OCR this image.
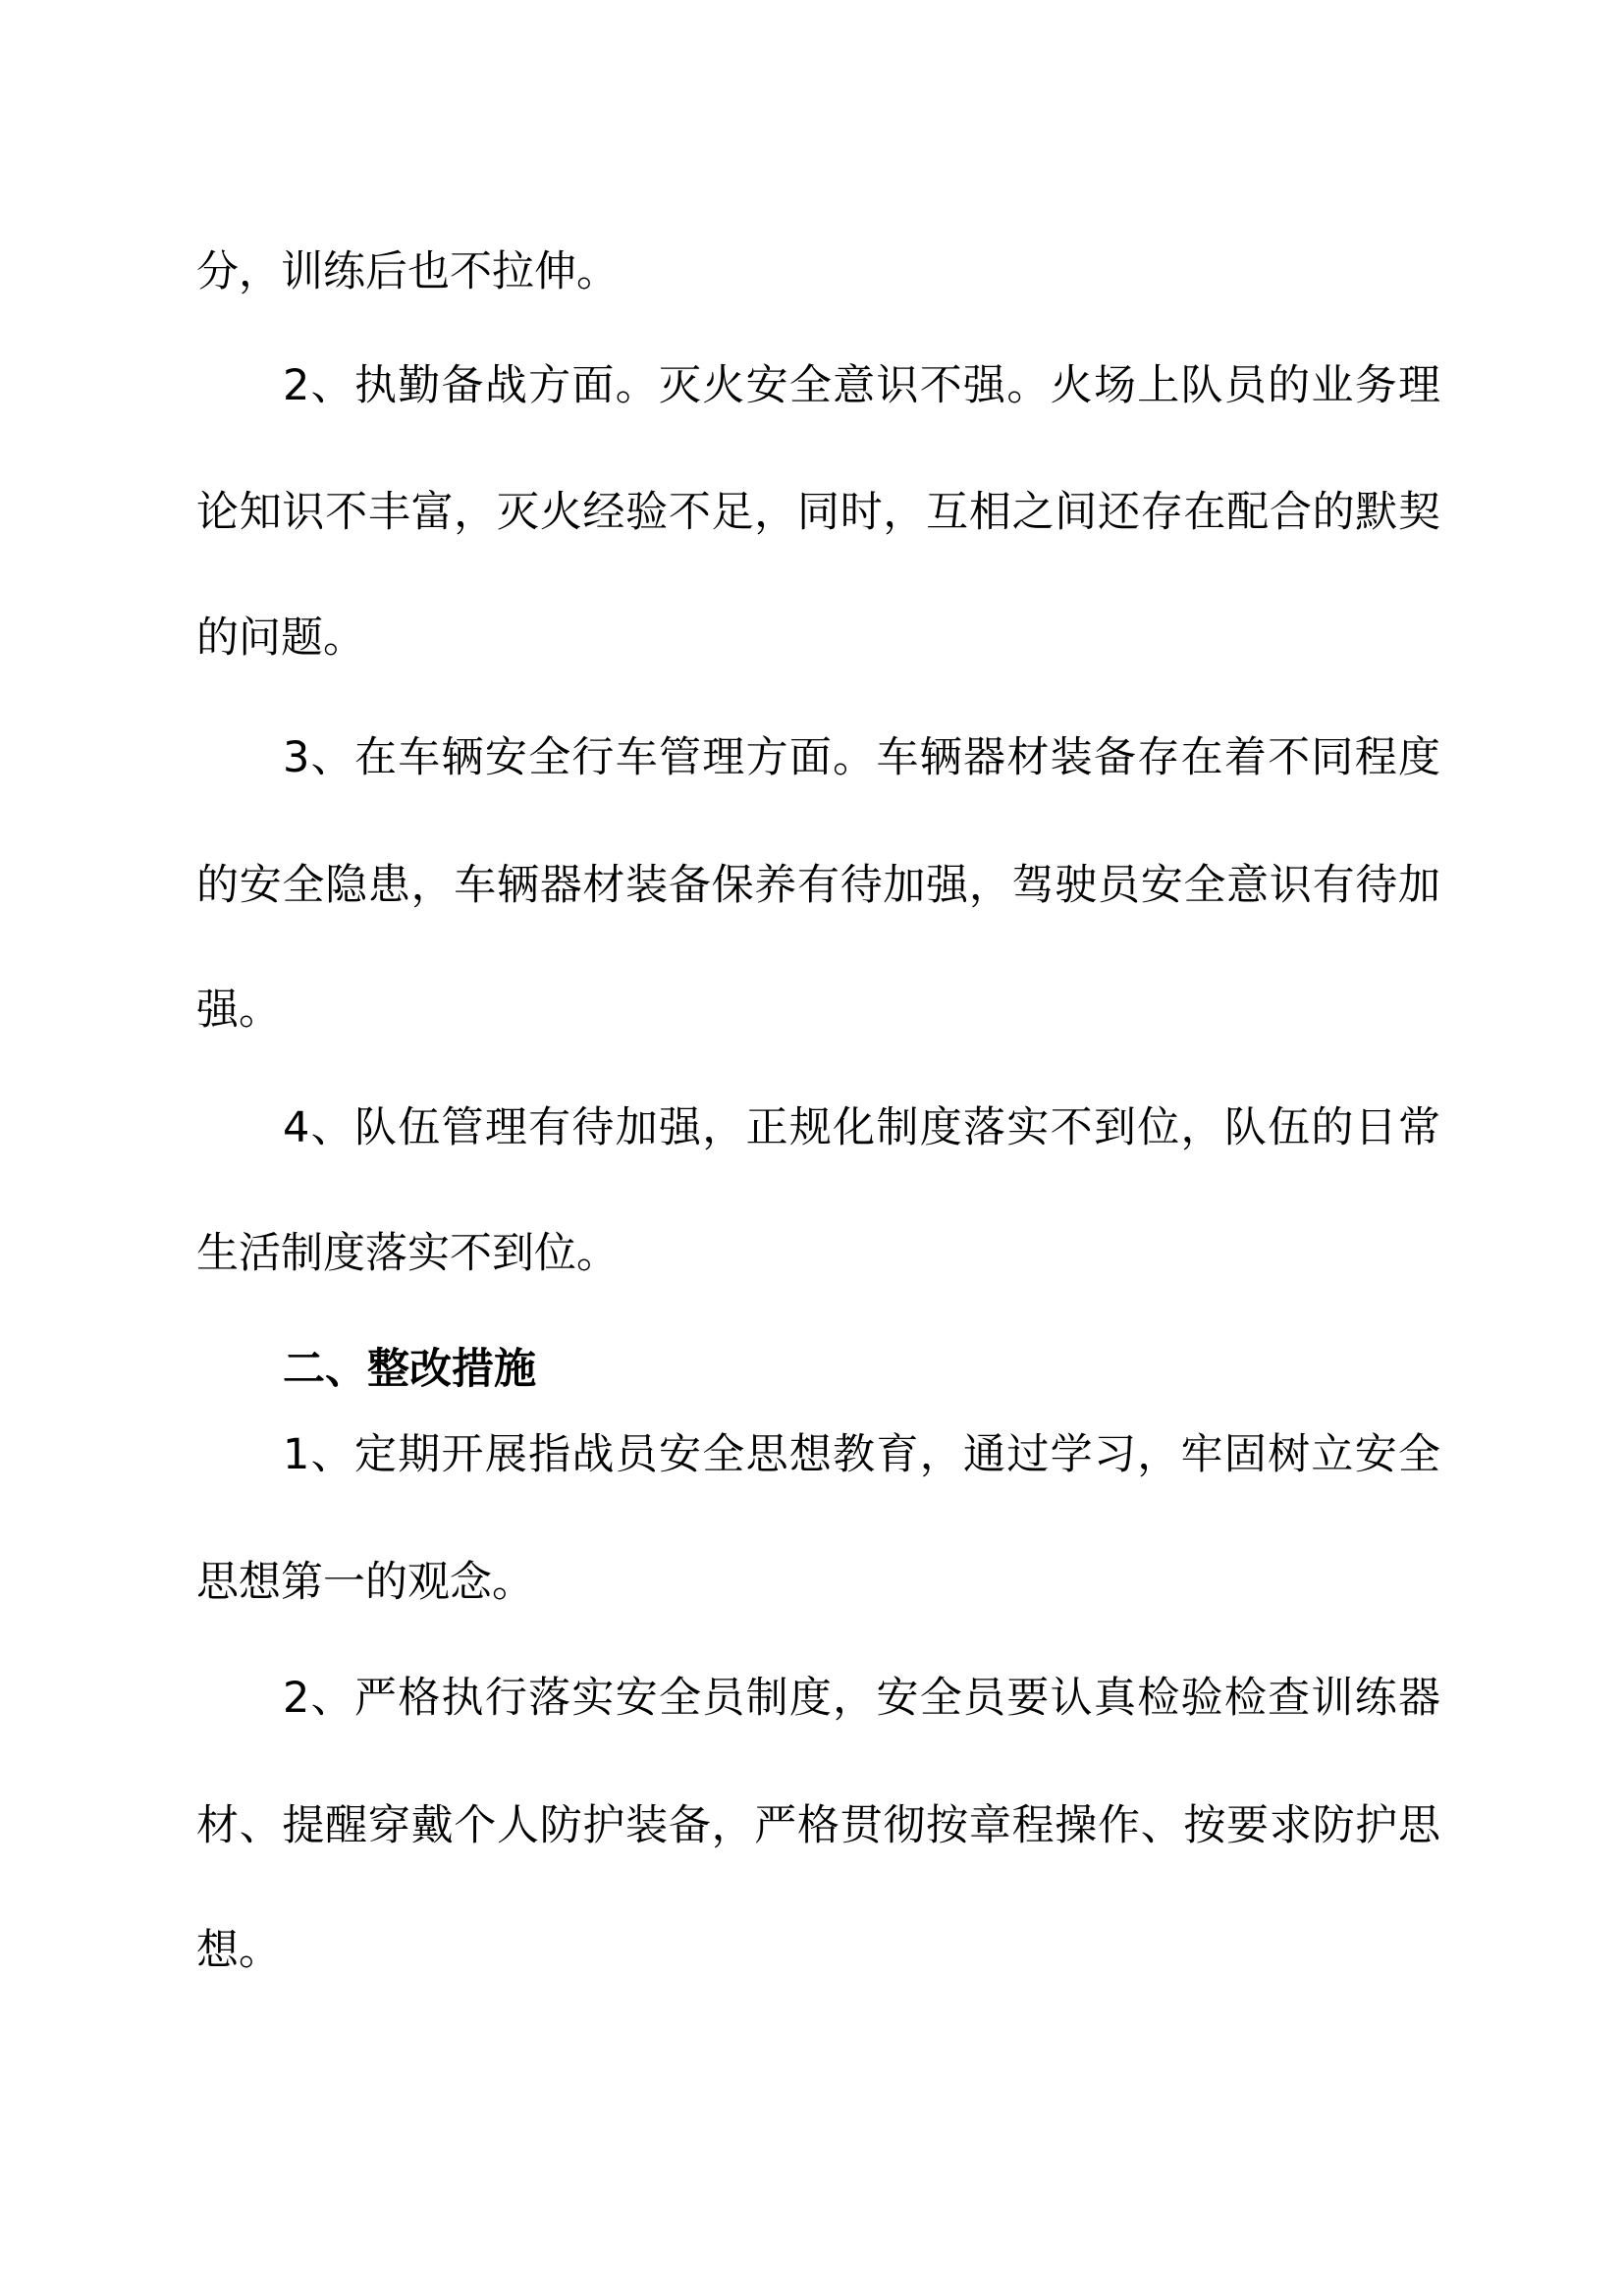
分，训练后也不拉伸。
2、执勤备战方面。灭火安全意识不强。火场上队员的业务理
论知识不丰富，灭火经验不足，同时，互相之间还存在配合的默契
的问题。
3、在车辆安全行车管理方面。车辆器材装备存在着不同程度
的安全隐患，车辆器材装备保养有待加强，驾驶员安全意识有待加
强。
4、队伍管理有待加强，正规化制度落实不到位，队伍的日常
生活制度落实不到位。
二、整改措施
1、定期开展指战员安全思想教育，通过学习，牢固树立安全
思想第一的观念。
2、严格执行落实安全员制度，安全员要认真检验检查训练器
材、提醒穿戴个人防护装备，严格贯彻按章程操作、按要求防护思
想。
